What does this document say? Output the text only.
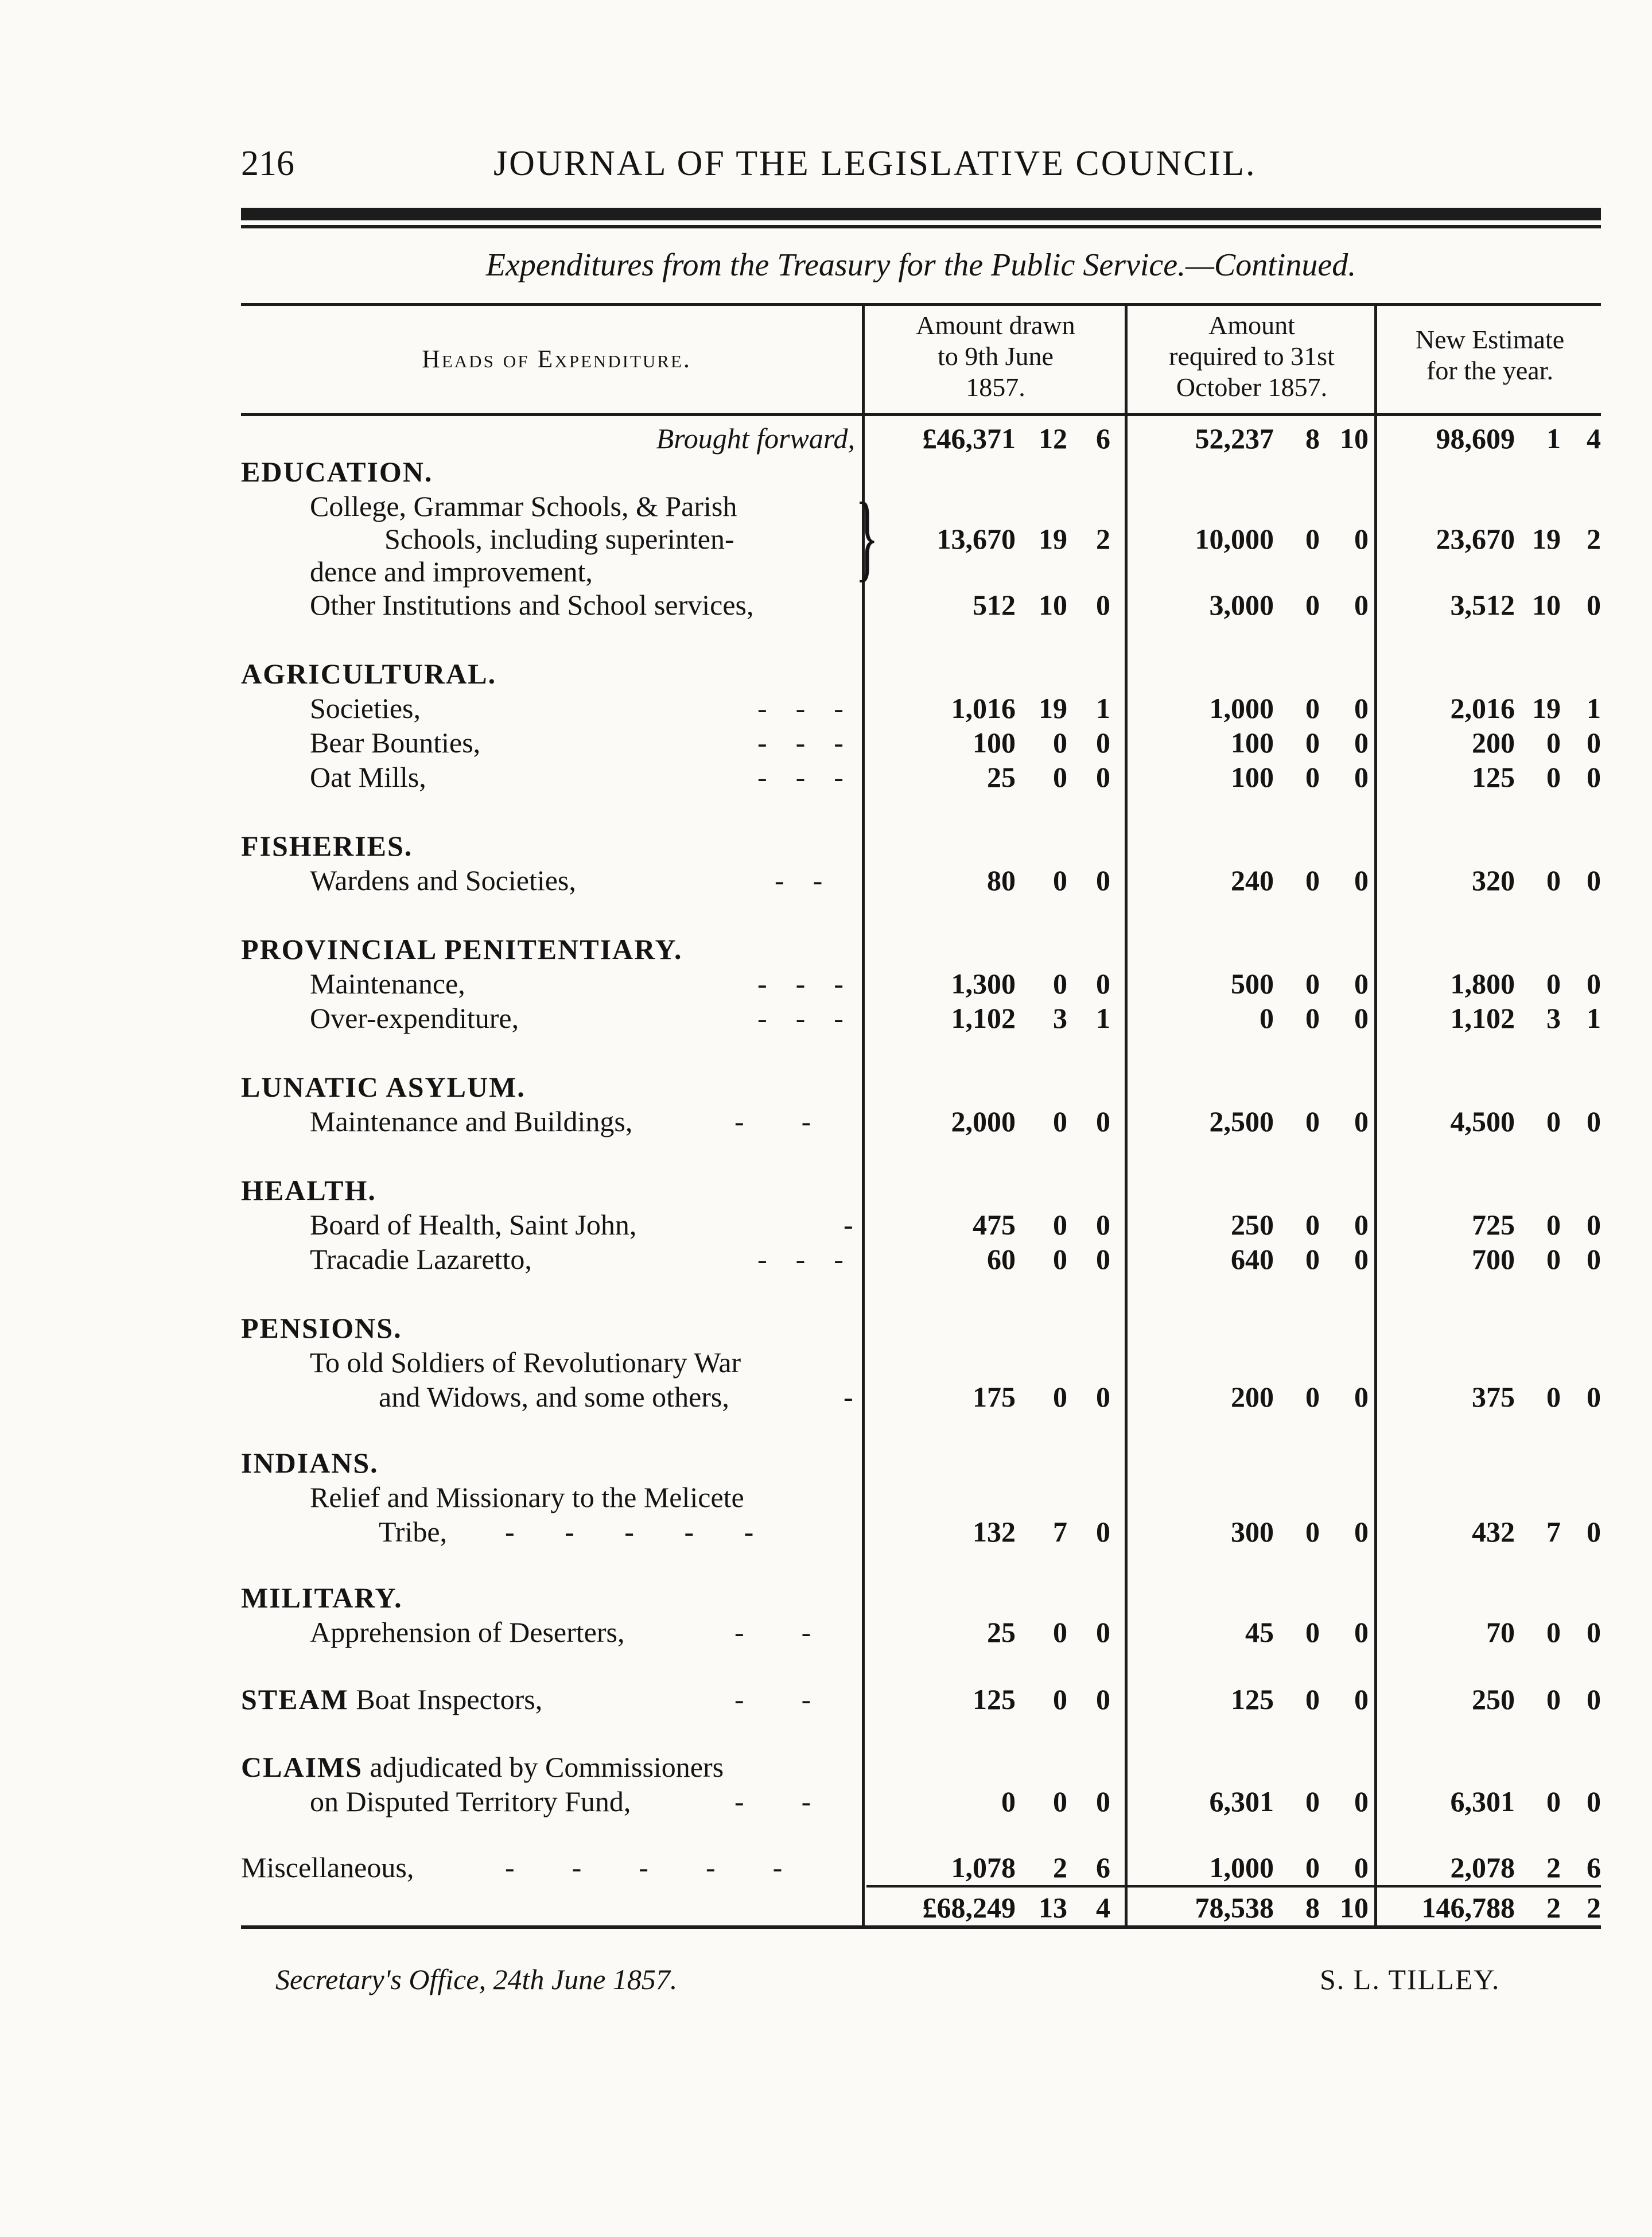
216	JOURNAL OF THE LEGISLATIVE COUNCIL.
Expenditures from the Treasury for the Public Service.—Continued.
Heads of Expenditure.
Amount drawn
to 9th June
1857.
Amount
required to 31st
October 1857.
New Estimate
for the year.
Brought forward,	£46,371 12	6	52,237	8 10	98,609	1 4
EDUCATION.
College, Grammar Schools, & Parish
Schools, including superinten-	13,670 19	2	10,000	0	0	23,670 19 2
dence and improvement,	}
Other Institutions and School services,	512 10	0	3,000	0	0	3,512 10 0
AGRICULTURAL.
Societies,	-    -    -	1,016 19	1	1,000	0	0	2,016 19 1
Bear Bounties,	-    -    -	100	0	0	100	0	0	200	0 0
Oat Mills,	-    -    -	25	0	0	100	0	0	125	0 0
FISHERIES.
Wardens and Societies,	-    -	80	0	0	240	0	0	320	0 0
PROVINCIAL PENITENTIARY.
Maintenance,	-    -    -	1,300	0	0	500	0	0	1,800	0 0
Over-expenditure,	-    -    -	1,102	3	1	0	0	0	1,102	3 1
LUNATIC ASYLUM.
Maintenance and Buildings,	-        -	2,000	0	0	2,500	0	0	4,500	0 0
HEALTH.
Board of Health, Saint John,	-	475	0	0	250	0	0	725	0 0
Tracadie Lazaretto,	-    -    -	60	0	0	640	0	0	700	0 0
PENSIONS.
To old Soldiers of Revolutionary War
and Widows, and some others,	-	175	0	0	200	0	0	375	0 0
INDIANS.
Relief and Missionary to the Melicete
Tribe, -       -       -       -       -	132	7	0	300	0	0	432	7 0
MILITARY.
Apprehension of Deserters,	-        -	25	0	0	45	0	0	70	0 0
STEAM Boat Inspectors,	-        -	125	0	0	125	0	0	250	0 0
CLAIMS adjudicated by Commissioners
on Disputed Territory Fund,	-        -	0	0	0	6,301	0	0	6,301	0 0
Miscellaneous,	-        -        -        -        -	1,078	2	6	1,000	0	0	2,078	2 6
£68,249 13	4	78,538	8 10	146,788	2 2
Secretary's Office, 24th June 1857.	S. L. TILLEY.
